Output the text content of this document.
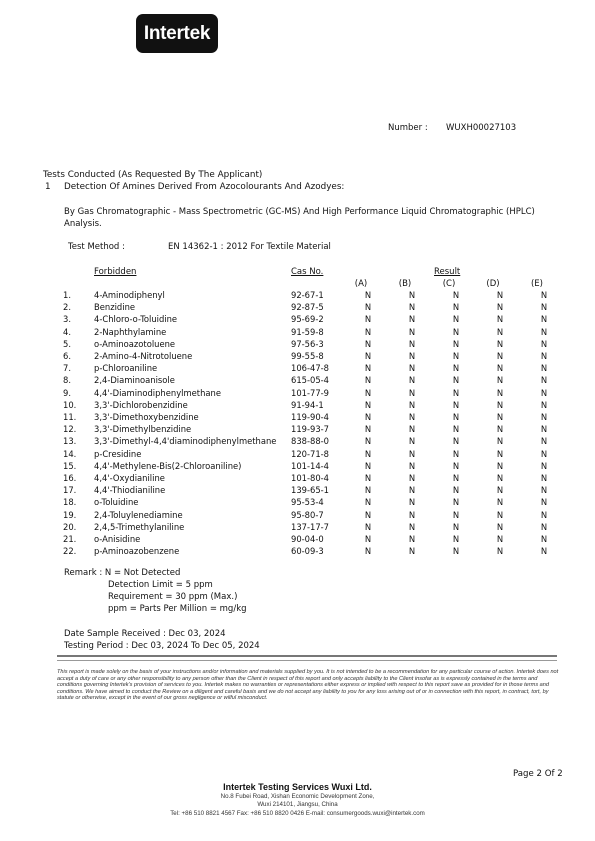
Intertek
Number : WUXH00027103
Tests Conducted (As Requested By The Applicant)
1 Detection Of Amines Derived From Azocolourants And Azodyes:
By Gas Chromatographic - Mass Spectrometric (GC-MS) And High Performance Liquid Chromatographic (HPLC)
Analysis.
Test Method :	EN 14362-1 : 2012 For Textile Material
Forbidden	Cas No.	Result
(A)	(B)	(C)	(D)	(E)
1.	4-Aminodiphenyl	92-67-1	N	N	N	N	N
2.	Benzidine	92-87-5	N	N	N	N	N
3.	4-Chloro-o-Toluidine	95-69-2	N	N	N	N	N
4.	2-Naphthylamine	91-59-8	N	N	N	N	N
5.	o-Aminoazotoluene	97-56-3	N	N	N	N	N
6.	2-Amino-4-Nitrotoluene	99-55-8	N	N	N	N	N
7.	p-Chloroaniline	106-47-8	N	N	N	N	N
8.	2,4-Diaminoanisole	615-05-4	N	N	N	N	N
9.	4,4'-Diaminodiphenylmethane	101-77-9	N	N	N	N	N
10.	3,3'-Dichlorobenzidine	91-94-1	N	N	N	N	N
11.	3,3'-Dimethoxybenzidine	119-90-4	N	N	N	N	N
12.	3,3'-Dimethylbenzidine	119-93-7	N	N	N	N	N
13.	3,3'-Dimethyl-4,4'diaminodiphenylmethane	838-88-0	N	N	N	N	N
14.	p-Cresidine	120-71-8	N	N	N	N	N
15.	4,4'-Methylene-Bis(2-Chloroaniline)	101-14-4	N	N	N	N	N
16.	4,4'-Oxydianiline	101-80-4	N	N	N	N	N
17.	4,4'-Thiodianiline	139-65-1	N	N	N	N	N
18.	o-Toluidine	95-53-4	N	N	N	N	N
19.	2,4-Toluylenediamine	95-80-7	N	N	N	N	N
20.	2,4,5-Trimethylaniline	137-17-7	N	N	N	N	N
21.	o-Anisidine	90-04-0	N	N	N	N	N
22.	p-Aminoazobenzene	60-09-3	N	N	N	N	N
Remark : N = Not Detected
Detection Limit = 5 ppm
Requirement = 30 ppm (Max.)
ppm = Parts Per Million = mg/kg
Date Sample Received : Dec 03, 2024
Testing Period : Dec 03, 2024 To Dec 05, 2024
This report is made solely on the basis of your instructions and/or information and materials supplied by you. It is not intended to be a recommendation for any particular course of action. Intertek does not accept a duty of care or any other responsibility to any person other than the Client in respect of this report and only accepts liability to the Client insofar as is expressly contained in the terms and conditions governing Intertek's provision of services to you. Intertek makes no warranties or representations either express or implied with respect to this report save as provided for in those terms and conditions. We have aimed to conduct the Review on a diligent and careful basis and we do not accept any liability to you for any loss arising out of or in connection with this report, in contract, tort, by statute or otherwise, except in the event of our gross negligence or wilful misconduct.
Page 2 Of 2
Intertek Testing Services Wuxi Ltd.
No.8 Fubei Road, Xishan Economic Development Zone,
Wuxi 214101, Jiangsu, China
Tel: +86 510 8821 4567 Fax: +86 510 8820 0426 E-mail: consumergoods.wuxi@intertek.com
